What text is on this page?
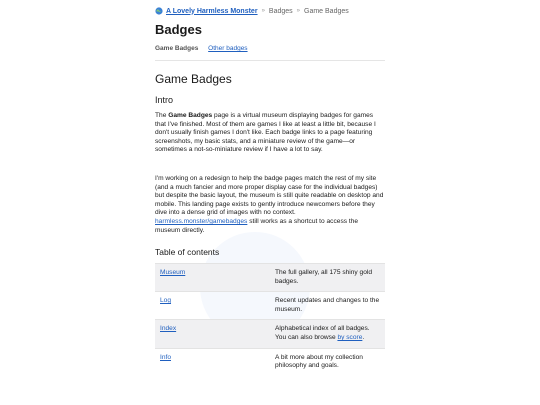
A Lovely Harmless Monster » Badges » Game Badges
Badges
Game Badges Other badges
Game Badges
Intro

The Game Badges page is a virtual museum displaying badges for games that I've finished. Most of them are games I like at least a little bit, because I don't usually finish games I don't like. Each badge links to a page featuring screenshots, my basic stats, and a miniature review of the game—or sometimes a not-so-miniature review if I have a lot to say.

I'm working on a redesign to help the badge pages match the rest of my site (and a much fancier and more proper display case for the individual badges) but despite the basic layout, the museum is still quite readable on desktop and mobile. This landing page exists to gently introduce newcomers before they dive into a dense grid of images with no context. harmless.monster/gamebadges still works as a shortcut to access the museum directly.

Table of contents
Museum	The full gallery, all 175 shiny gold badges.
Log	Recent updates and changes to the museum.
Index	Alphabetical index of all badges. You can also browse by score.
Info	A bit more about my collection philosophy and goals.
